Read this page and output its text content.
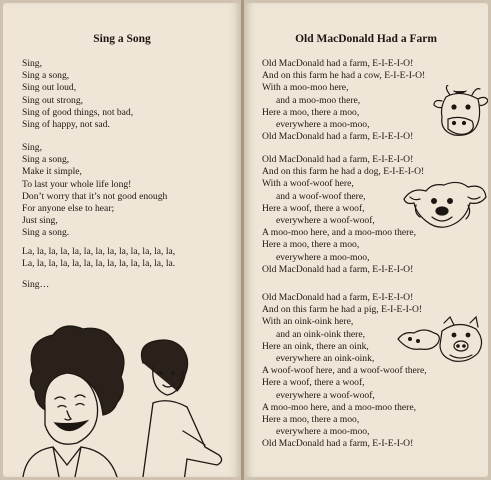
Sing a Song
Sing,
Sing a song,
Sing out loud,
Sing out strong,
Sing of good things, not bad,
Sing of happy, not sad.
Sing,
Sing a song,
Make it simple,
To last your whole life long!
Don’t worry that it’s not good enough
For anyone else to hear;
Just sing,
Sing a song.
La, la, la, la, la, la, la, la, la, la, la, la, la,
La, la, la, la, la, la, la, la, la, la, la, la, la.
Sing…
Old MacDonald Had a Farm
Old MacDonald had a farm, E-I-E-I-O!
And on this farm he had a cow, E-I-E-I-O!
With a moo-moo here,
and a moo-moo there,
Here a moo, there a moo,
everywhere a moo-moo,
Old MacDonald had a farm, E-I-E-I-O!
Old MacDonald had a farm, E-I-E-I-O!
And on this farm he had a dog, E-I-E-I-O!
With a woof-woof here,
and a woof-woof there,
Here a woof, there a woof,
everywhere a woof-woof,
A moo-moo here, and a moo-moo there,
Here a moo, there a moo,
everywhere a moo-moo,
Old MacDonald had a farm, E-I-E-I-O!
Old MacDonald had a farm, E-I-E-I-O!
And on this farm he had a pig, E-I-E-I-O!
With an oink-oink here,
and an oink-oink there,
Here an oink, there an oink,
everywhere an oink-oink,
A woof-woof here, and a woof-woof there,
Here a woof, there a woof,
everywhere a woof-woof,
A moo-moo here, and a moo-moo there,
Here a moo, there a moo,
everywhere a moo-moo,
Old MacDonald had a farm, E-I-E-I-O!
